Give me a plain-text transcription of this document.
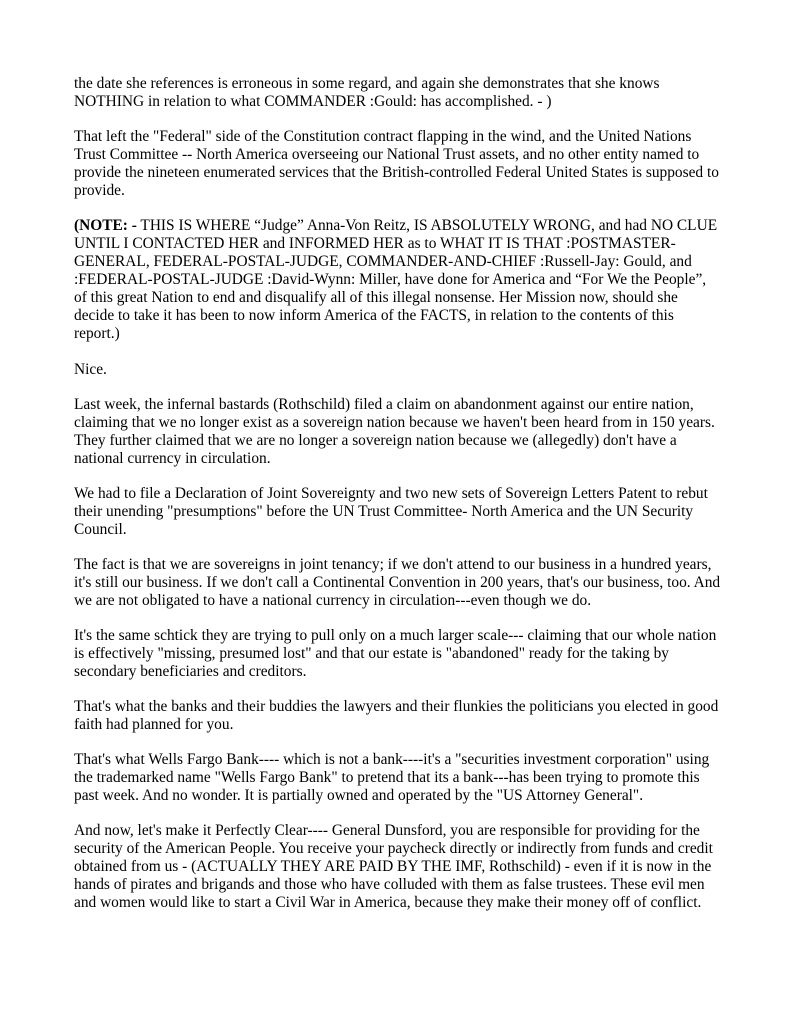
the date she references is erroneous in some regard, and again she demonstrates that she knows NOTHING in relation to what COMMANDER :Gould: has accomplished. - )

That left the "Federal" side of the Constitution contract flapping in the wind, and the United Nations Trust Committee -- North America overseeing our National Trust assets, and no other entity named to provide the nineteen enumerated services that the British-controlled Federal United States is supposed to provide.

(NOTE: - THIS IS WHERE “Judge” Anna-Von Reitz, IS ABSOLUTELY WRONG, and had NO CLUE UNTIL I CONTACTED HER and INFORMED HER as to WHAT IT IS THAT :POSTMASTER-GENERAL, FEDERAL-POSTAL-JUDGE, COMMANDER-AND-CHIEF :Russell-Jay: Gould, and :FEDERAL-POSTAL-JUDGE :David-Wynn: Miller, have done for America and “For We the People”, of this great Nation to end and disqualify all of this illegal nonsense. Her Mission now, should she decide to take it has been to now inform America of the FACTS, in relation to the contents of this report.)

Nice.

Last week, the infernal bastards (Rothschild) filed a claim on abandonment against our entire nation, claiming that we no longer exist as a sovereign nation because we haven't been heard from in 150 years. They further claimed that we are no longer a sovereign nation because we (allegedly) don't have a national currency in circulation.

We had to file a Declaration of Joint Sovereignty and two new sets of Sovereign Letters Patent to rebut their unending "presumptions" before the UN Trust Committee- North America and the UN Security Council.

The fact is that we are sovereigns in joint tenancy; if we don't attend to our business in a hundred years, it's still our business. If we don't call a Continental Convention in 200 years, that's our business, too. And we are not obligated to have a national currency in circulation---even though we do.

It's the same schtick they are trying to pull only on a much larger scale--- claiming that our whole nation is effectively "missing, presumed lost" and that our estate is "abandoned" ready for the taking by secondary beneficiaries and creditors.

That's what the banks and their buddies the lawyers and their flunkies the politicians you elected in good faith had planned for you.

That's what Wells Fargo Bank---- which is not a bank----it's a "securities investment corporation" using the trademarked name "Wells Fargo Bank" to pretend that its a bank---has been trying to promote this past week. And no wonder. It is partially owned and operated by the "US Attorney General".

And now, let's make it Perfectly Clear---- General Dunsford, you are responsible for providing for the security of the American People. You receive your paycheck directly or indirectly from funds and credit obtained from us - (ACTUALLY THEY ARE PAID BY THE IMF, Rothschild) - even if it is now in the hands of pirates and brigands and those who have colluded with them as false trustees. These evil men and women would like to start a Civil War in America, because they make their money off of conflict.
